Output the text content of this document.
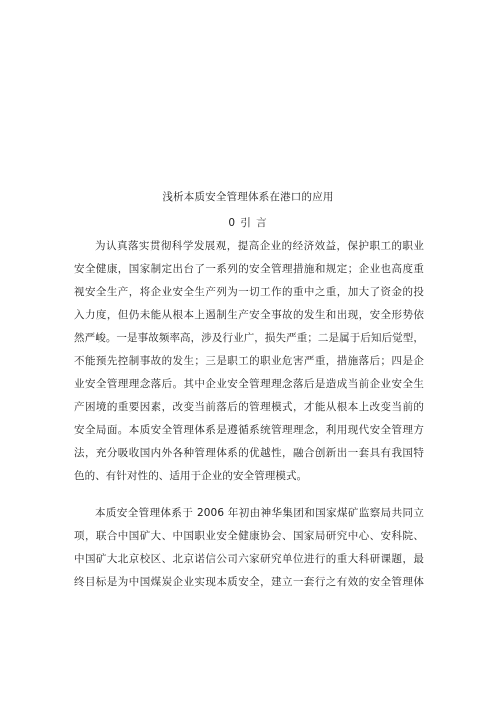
浅析本质安全管理体系在港口的应用
0 引 言
为认真落实贯彻科学发展观，提高企业的经济效益，保护职工的职业
安全健康，国家制定出台了一系列的安全管理措施和规定；企业也高度重
视安全生产，将企业安全生产列为一切工作的重中之重，加大了资金的投
入力度，但仍未能从根本上遏制生产安全事故的发生和出现，安全形势依
然严峻。一是事故频率高，涉及行业广，损失严重；二是属于后知后觉型，
不能预先控制事故的发生；三是职工的职业危害严重，措施落后；四是企
业安全管理理念落后。其中企业安全管理理念落后是造成当前企业安全生
产困境的重要因素，改变当前落后的管理模式，才能从根本上改变当前的
安全局面。本质安全管理体系是遵循系统管理理念，利用现代安全管理方
法，充分吸收国内外各种管理体系的优越性，融合创新出一套具有我国特
色的、有针对性的、适用于企业的安全管理模式。
本质安全管理体系于 2006 年初由神华集团和国家煤矿监察局共同立
项，联合中国矿大、中国职业安全健康协会、国家局研究中心、安科院、
中国矿大北京校区、北京诺信公司六家研究单位进行的重大科研课题，最
终目标是为中国煤炭企业实现本质安全，建立一套行之有效的安全管理体
